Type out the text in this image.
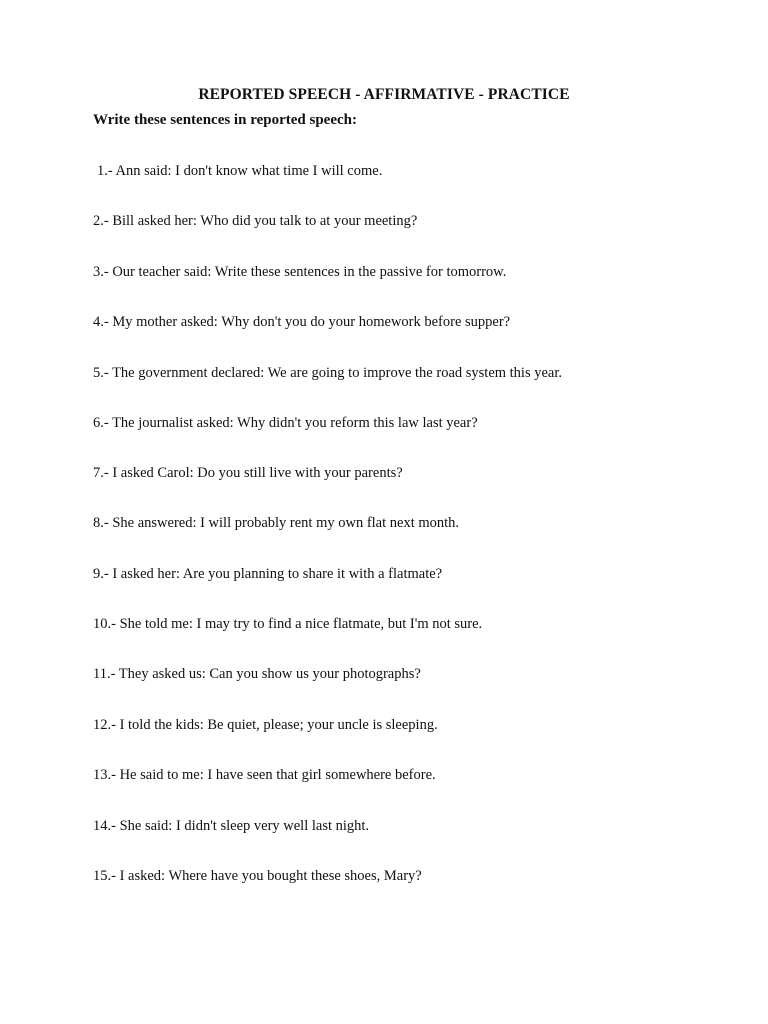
REPORTED SPEECH - AFFIRMATIVE - PRACTICE
Write these sentences in reported speech:
1.- Ann said: I don't know what time I will come.
2.- Bill asked her: Who did you talk to at your meeting?
3.- Our teacher said: Write these sentences in the passive for tomorrow.
4.- My mother asked: Why don't you do your homework before supper?
5.- The government declared: We are going to improve the road system this year.
6.- The journalist asked: Why didn't you reform this law last year?
7.- I asked Carol: Do you still live with your parents?
8.- She answered: I will probably rent my own flat next month.
9.- I asked her: Are you planning to share it with a flatmate?
10.- She told me: I may try to find a nice flatmate, but I'm not sure.
11.- They asked us: Can you show us your photographs?
12.- I told the kids: Be quiet, please; your uncle is sleeping.
13.- He said to me: I have seen that girl somewhere before.
14.- She said: I didn't sleep very well last night.
15.- I asked: Where have you bought these shoes, Mary?
